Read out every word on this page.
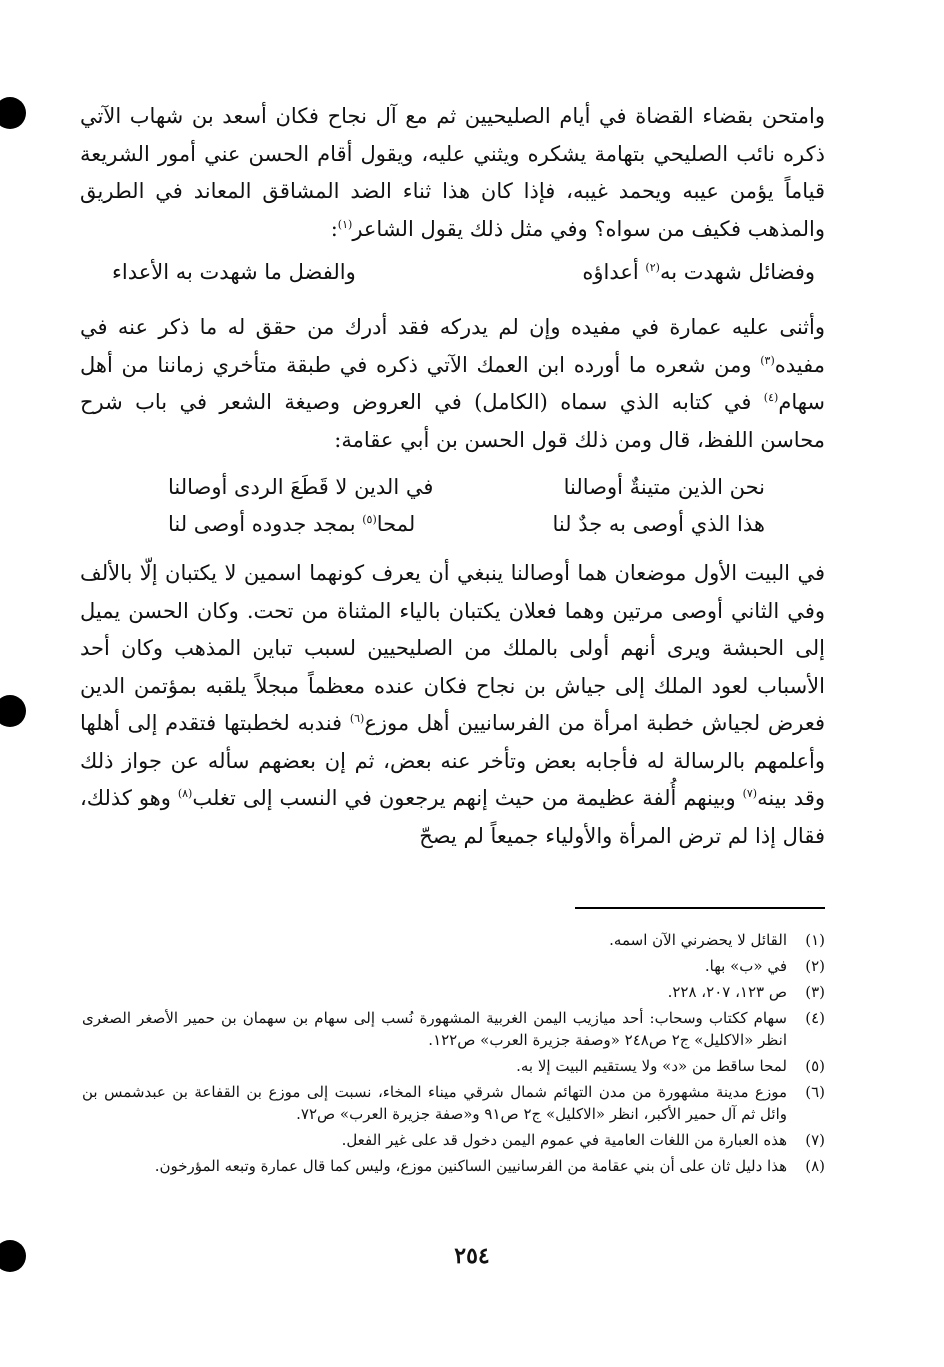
وامتحن بقضاء القضاة في أيام الصليحيين ثم مع آل نجاح فكان أسعد بن شهاب الآتي ذكره نائب الصليحي بتهامة يشكره ويثني عليه، ويقول أقام الحسن عني أمور الشريعة قياماً يؤمن عيبه ويحمد غيبه، فإذا كان هذا ثناء الضد المشاقق المعاند في الطريق والمذهب فكيف من سواه؟ وفي مثل ذلك يقول الشاعر$^{(١)}$:

وفضائل شهدت به$^{(٢)}$ أعداؤه
والفضل ما شهدت به الأعداء

وأثنى عليه عمارة في مفيده وإن لم يدركه فقد أدرك من حقق له ما ذكر عنه في مفيده$^{(٣)}$ ومن شعره ما أورده ابن العمك الآتي ذكره في طبقة متأخري زماننا من أهل سهام$^{(٤)}$ في كتابه الذي سماه (الكامل) في العروض وصيغة الشعر في باب شرح محاسن اللفظ، قال ومن ذلك قول الحسن بن أبي عقامة:

نحن الذين متينةٌ أوصالنا
في الدين لا قَطَعَ الردى أوصالنا
هذا الذي أوصى به جدٌ لنا
لمحا$^{(٥)}$ بمجد جدوده أوصى لنا

في البيت الأول موضعان هما أوصالنا ينبغي أن يعرف كونهما اسمين لا يكتبان إلّا بالألف وفي الثاني أوصى مرتين وهما فعلان يكتبان بالياء المثناة من تحت. وكان الحسن يميل إلى الحبشة ويرى أنهم أولى بالملك من الصليحيين لسبب تباين المذهب وكان أحد الأسباب لعود الملك إلى جياش بن نجاح فكان عنده معظماً مبجلاً يلقبه بمؤتمن الدين فعرض لجياش خطبة امرأة من الفرسانيين أهل موزع$^{(٦)}$ فندبه لخطبتها فتقدم إلى أهلها وأعلمهم بالرسالة له فأجابه بعض وتأخر عنه بعض، ثم إن بعضهم سأله عن جواز ذلك وقد بينه$^{(٧)}$ وبينهم أُلفة عظيمة من حيث إنهم يرجعون في النسب إلى تغلب$^{(٨)}$ وهو كذلك، فقال إذا لم ترض المرأة والأولياء جميعاً لم يصحّ

(١)
القائل لا يحضرني الآن اسمه.
(٢)
في «ب» بها.
(٣)
ص ١٢٣، ٢٠٧، ٢٢٨.
(٤)
سهام ككتاب وسحاب: أحد ميازيب اليمن الغربية المشهورة نُسب إلى سهام بن سهمان بن حمير الأصغر الصغرى انظر «الاكليل» ج٢ ص٢٤٨ «وصفة جزيرة العرب» ص١٢٢.
(٥)
لمحا ساقط من «د» ولا يستقيم البيت إلا به.
(٦)
موزع مدينة مشهورة من مدن التهائم شمال شرقي ميناء المخاء، نسبت إلى موزع بن القفاعة بن عبدشمس بن وائل ثم آل حمير الأكبر، انظر «الاكليل» ج٢ ص٩١ و«صفة جزيرة العرب» ص٧٢.
(٧)
هذه العبارة من اللغات العامية في عموم اليمن دخول قد على غير الفعل.
(٨)
هذا دليل ثان على أن بني عقامة من الفرسانيين الساكنين موزع، وليس كما قال عمارة وتبعه المؤرخون.
٢٥٤
